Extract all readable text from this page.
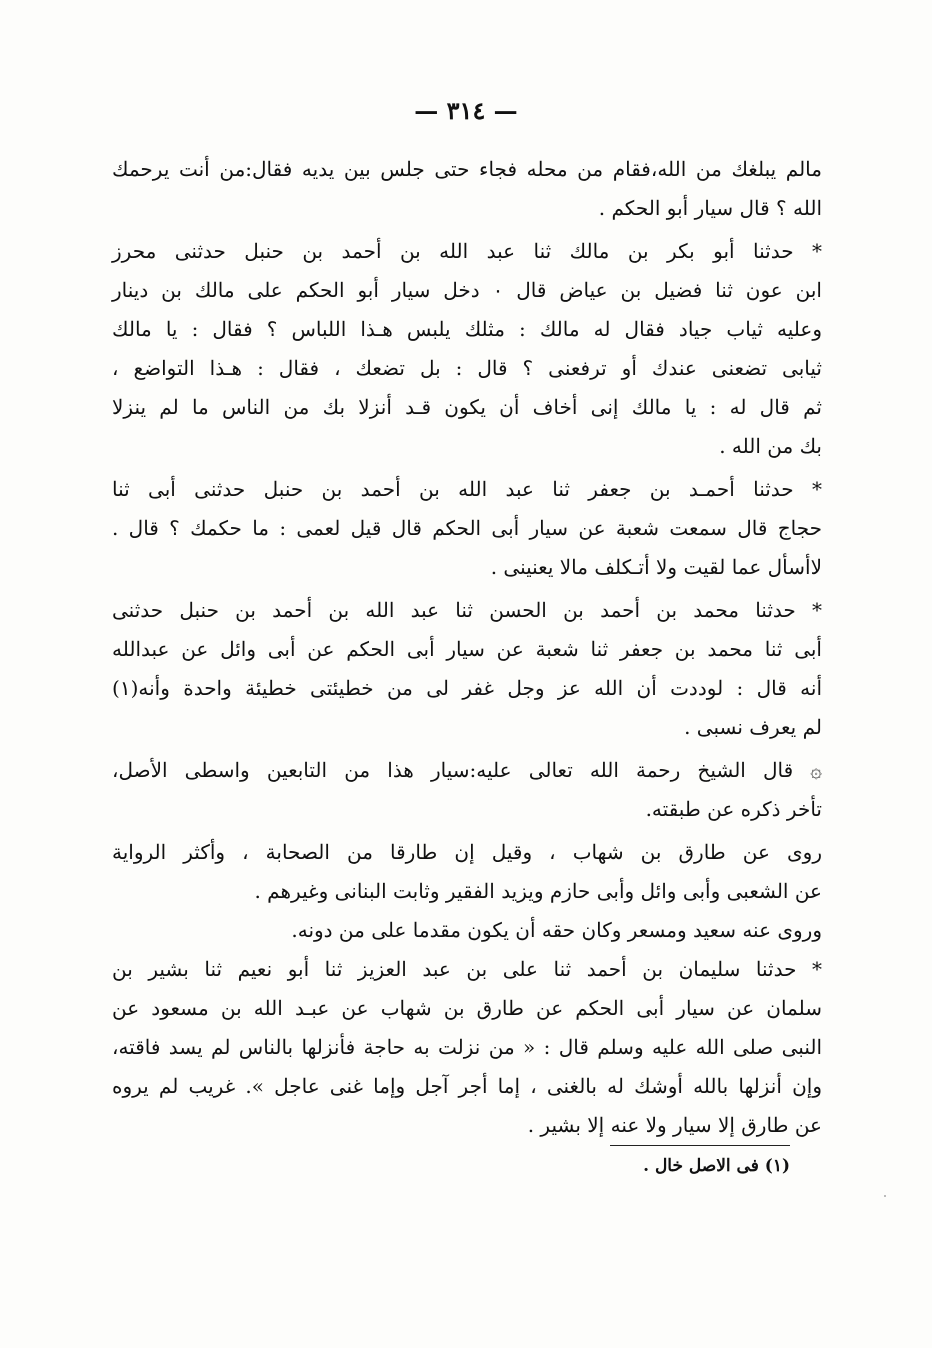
— ٣١٤ —

مالم يبلغك من الله،فقام من محله فجاء حتى جلس بين يديه فقال:من أنت يرحمك
الله ؟ قال سيار أبو الحكم .

* حدثنا أبو بكر بن مالك ثنا عبد الله بن أحمد بن حنبل حدثنى محرز
ابن عون ثنا فضيل بن عياض قال ٠ دخل سيار أبو الحكم على مالك بن دينار
وعليه ثياب جياد فقال له مالك : مثلك يلبس هـذا اللباس ؟ فقال : يا مالك
ثيابى تضعنى عندك أو ترفعنى ؟ قال : بل تضعك ، فقال : هـذا التواضع ،
ثم قال له : يا مالك إنى أخاف أن يكون قـد أنزلا بك من الناس ما لم ينزلا
بك من الله .

* حدثنا أحمـد بن جعفر ثنا عبد الله بن أحمد بن حنبل حدثنى أبى ثنا
حجاج قال سمعت شعبة عن سيار أبى الحكم قال قيل لعمى : ما حكمك ؟ قال .
لاأسأل عما لقيت ولا أتـكلف مالا يعنينى .

* حدثنا محمد بن أحمد بن الحسن ثنا عبد الله بن أحمد بن حنبل حدثنى
أبى ثنا محمد بن جعفر ثنا شعبة عن سيار أبى الحكم عن أبى وائل عن عبدالله
أنه قال : لوددت أن الله عز وجل غفر لى من خطيئتى خطيئة واحدة وأنه(١)
لم يعرف نسبى .

۞ قال الشيخ رحمة الله تعالى عليه:سيار هذا من التابعين واسطى الأصل،
تأخر ذكره عن طبقته.

روى عن طارق بن شهاب ، وقيل إن طارقا من الصحابة ، وأكثر الرواية
عن الشعبى وأبى وائل وأبى حازم ويزيد الفقير وثابت البنانى وغيرهم .

وروى عنه سعيد ومسعر وكان حقه أن يكون مقدما على من دونه.

* حدثنا سليمان بن أحمد ثنا على بن عبد العزيز ثنا أبو نعيم ثنا بشير بن
سلمان عن سيار أبى الحكم عن طارق بن شهاب عن عبـد الله بن مسعود عن
النبى صلى الله عليه وسلم قال : « من نزلت به حاجة فأنزلها بالناس لم يسد فاقته،
وإن أنزلها بالله أوشك له بالغنى ، إما أجر آجل وإما غنى عاجل ». غريب لم يروه
عن طارق إلا سيار ولا عنه إلا بشير .

(١) فى الاصل خال .
